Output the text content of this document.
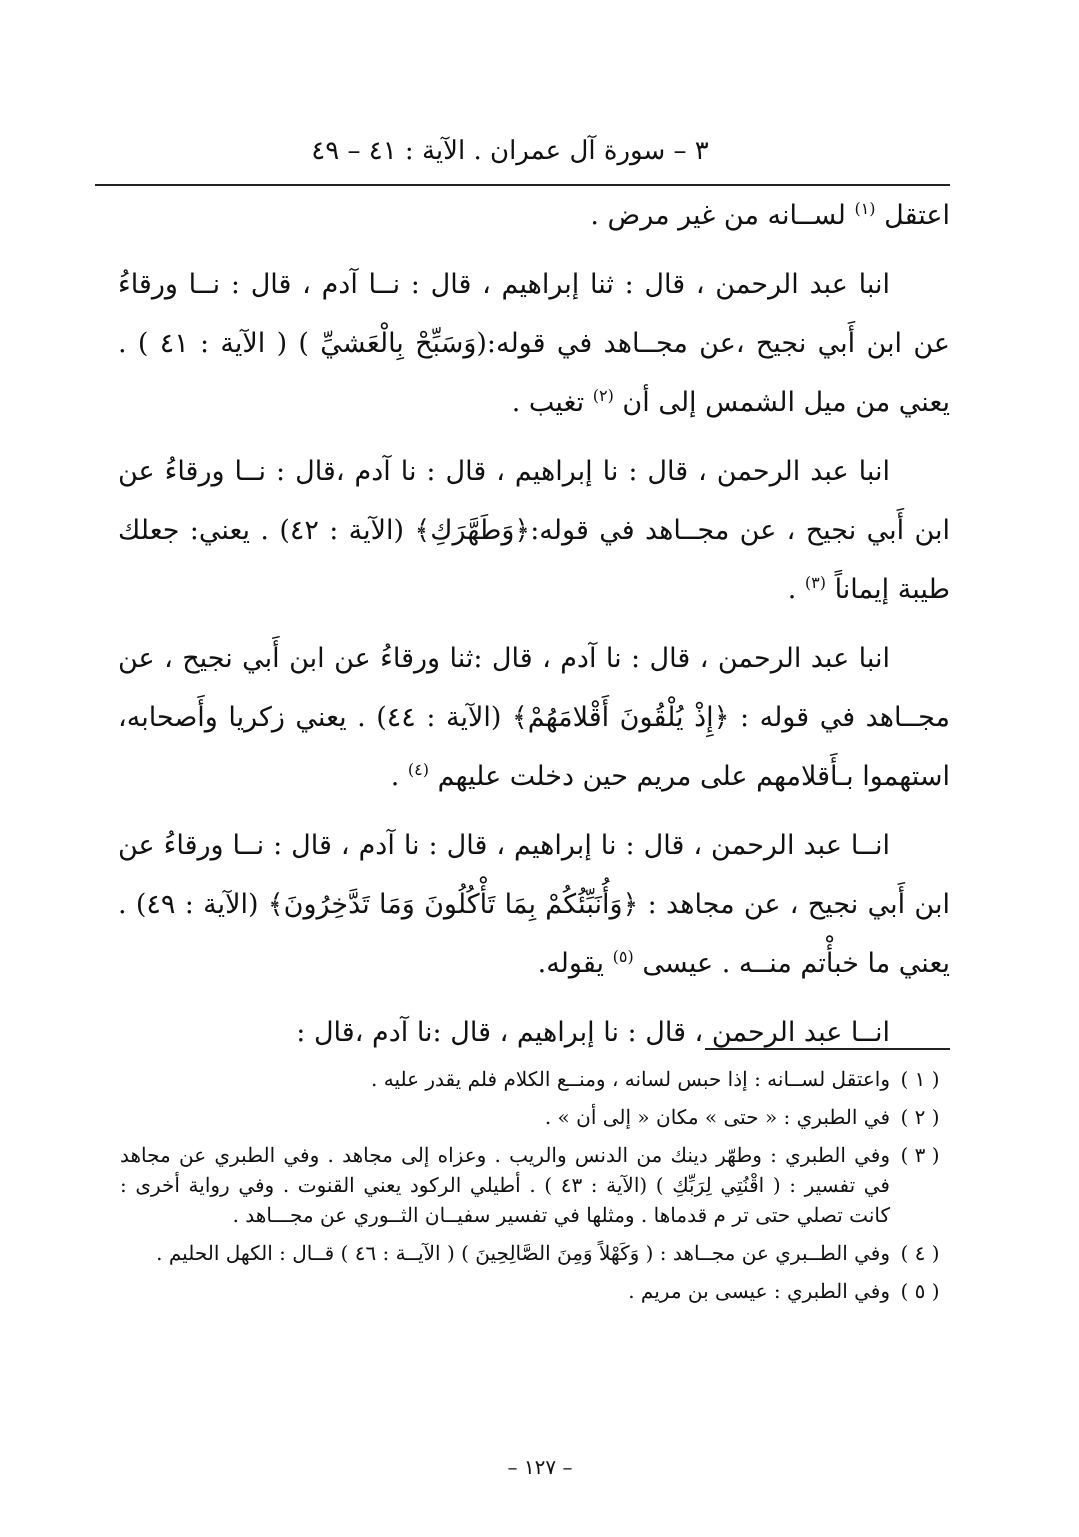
٣ – سورة آل عمران . الآية : ٤١ – ٤٩

اعتقل $^{(١)}$ لســانه من غير مرض .

انبا عبد الرحمن ، قال : ثنا إبراهيم ، قال : نــا آدم ، قال : نــا ورقاءُ عن ابن أَبي نجيح ،عن مجــاهد في قوله:(وَسَبِّحْ بِالْعَشيِّ ) ( الآية : ٤١ ) . يعني من ميل الشمس إلى أن $^{(٢)}$ تغيب .

انبا عبد الرحمن ، قال : نا إبراهيم ، قال : نا آدم ،قال : نــا ورقاءُ عن ابن أَبي نجيح ، عن مجــاهد في قوله:﴿وَطَهَّرَكِ﴾ (الآية : ٤٢) . يعني: جعلك طيبة إيماناً $^{(٣)}$ .

انبا عبد الرحمن ، قال : نا آدم ، قال :ثنا ورقاءُ عن ابن أَبي نجيح ، عن مجــاهد في قوله : ﴿إِذْ يُلْقُونَ أَقْلامَهُمْ﴾ (الآية : ٤٤) . يعني زكريا وأَصحابه، استهموا بـأَقلامهم على مريم حين دخلت عليهم $^{(٤)}$ .

انــا عبد الرحمن ، قال : نا إبراهيم ، قال : نا آدم ، قال : نــا ورقاءُ عن ابن أَبي نجيح ، عن مجاهد : ﴿وَأُنَبِّئُكُمْ بِمَا تَأْكُلُونَ وَمَا تَدَّخِرُونَ﴾ (الآية : ٤٩) . يعني ما خبأْتم منــه . عيسى $^{(٥)}$ يقوله.

انــا عبد الرحمن ، قال : نا إبراهيم ، قال :نا آدم ،قال :

( ١ )
واعتقل لســانه : إذا حبس لسانه ، ومنــع الكلام فلم يقدر عليه .
( ٢ )
في الطبري : « حتى » مكان « إلى أن » .
( ٣ )
وفي الطبري : وطهّر دينك من الدنس والريب . وعزاه إلى مجاهد . وفي الطبري عن مجاهد في تفسير : ( اقْنُتِي لِرَبِّكِ ) (الآية : ٤٣ ) . أطيلي الركود يعني القنوت . وفي رواية أخرى : كانت تصلي حتى تر م قدماها . ومثلها في تفسير سفيــان الثــوري عن مجـــاهد .
( ٤ )
وفي الطــبري عن مجــاهد : ( وَكَهْلاً وَمِنَ الصَّالِحِينَ ) ( الآيــة : ٤٦ ) قــال : الكهل الحليم .
( ٥ )
وفي الطبري : عيسى بن مريم .
– ١٢٧ –
